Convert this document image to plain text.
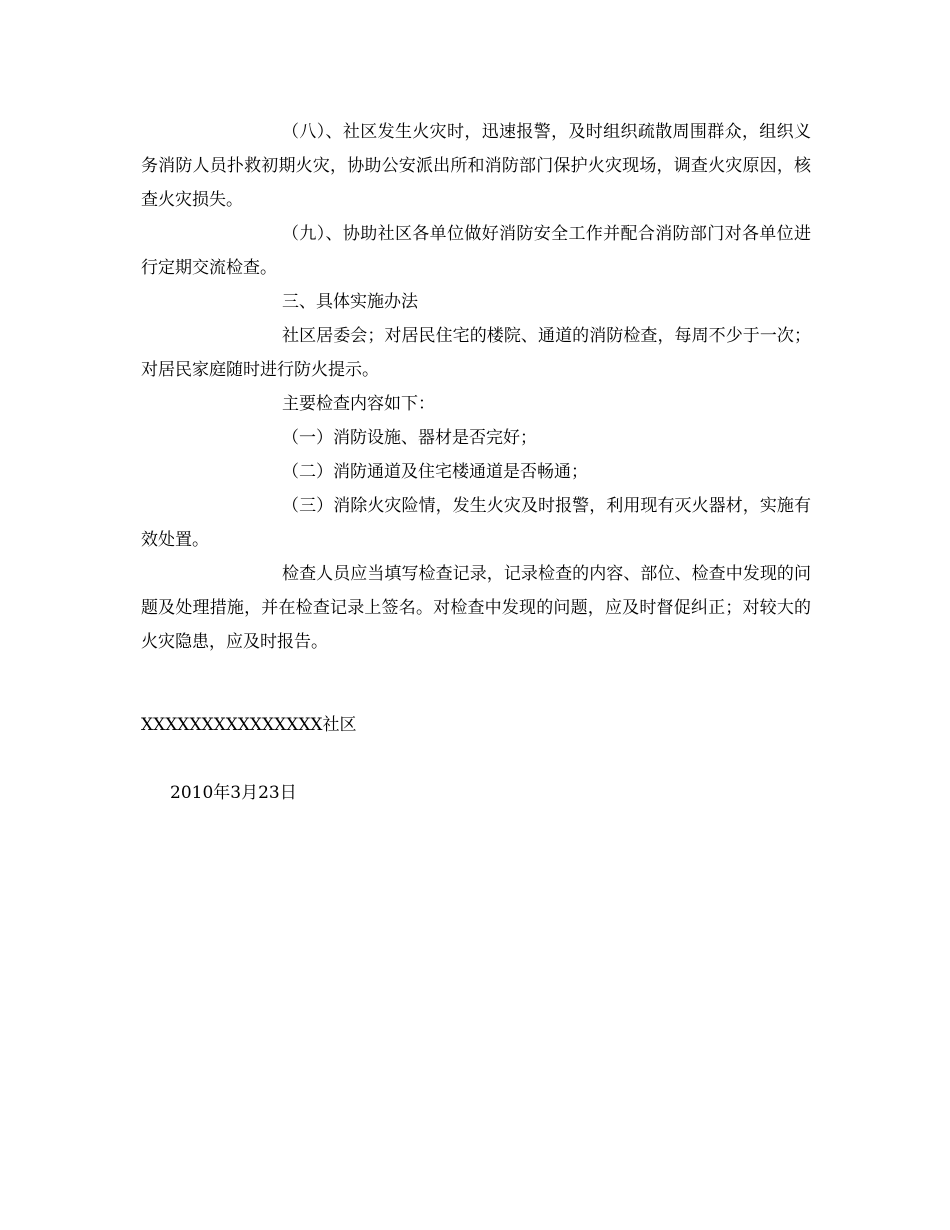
（八）、社区发生火灾时，迅速报警，及时组织疏散周围群众，组织义务消防人员扑救初期火灾，协助公安派出所和消防部门保护火灾现场，调查火灾原因，核查火灾损失。

（九）、协助社区各单位做好消防安全工作并配合消防部门对各单位进行定期交流检查。

三、具体实施办法

社区居委会；对居民住宅的楼院、通道的消防检查，每周不少于一次；对居民家庭随时进行防火提示。

主要检查内容如下：

（一）消防设施、器材是否完好；

（二）消防通道及住宅楼通道是否畅通；

（三）消除火灾险情，发生火灾及时报警，利用现有灭火器材，实施有效处置。

检查人员应当填写检查记录，记录检查的内容、部位、检查中发现的问题及处理措施，并在检查记录上签名。对检查中发现的问题，应及时督促纠正；对较大的火灾隐患，应及时报告。

XXXXXXXXXXXXXXX社区
2010年3月23日
